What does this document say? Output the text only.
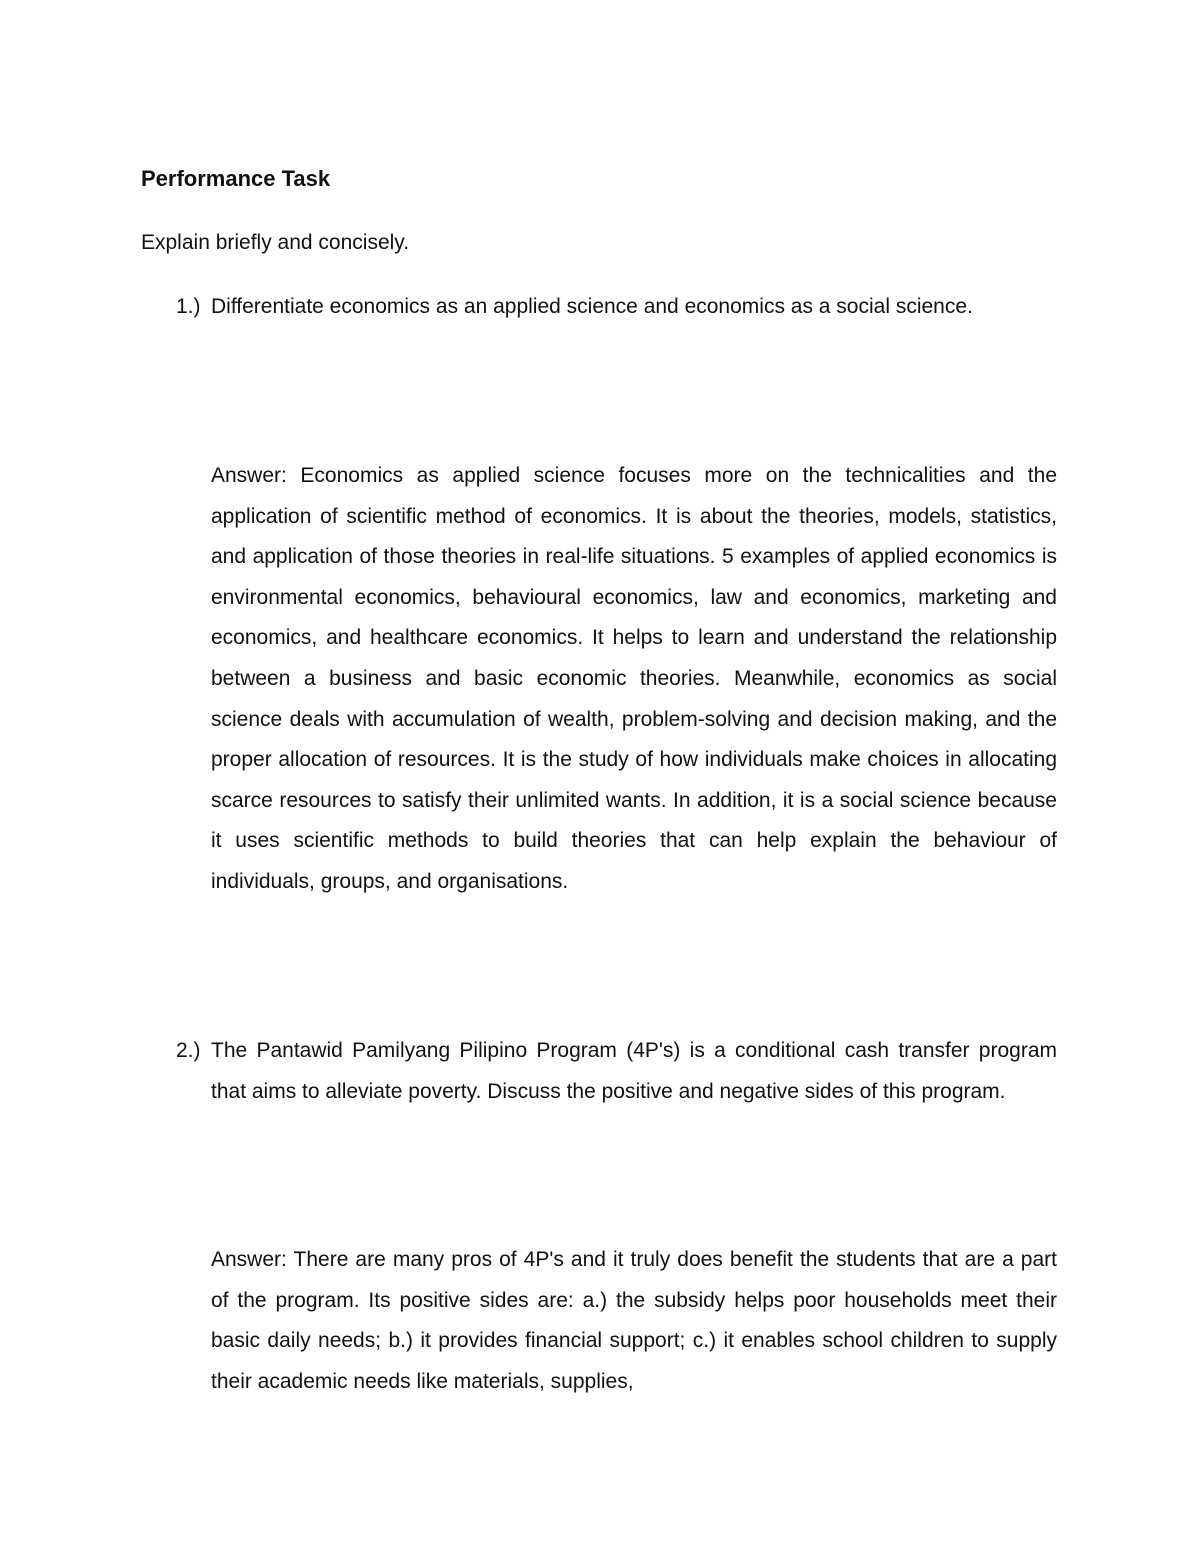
Performance Task

Explain briefly and concisely.

1.) Differentiate economics as an applied science and economics as a social science.

Answer: Economics as applied science focuses more on the technicalities and the application of scientific method of economics. It is about the theories, models, statistics, and application of those theories in real-life situations. 5 examples of applied economics is environmental economics, behavioural economics, law and economics, marketing and economics, and healthcare economics. It helps to learn and understand the relationship between a business and basic economic theories. Meanwhile, economics as social science deals with accumulation of wealth, problem-solving and decision making, and the proper allocation of resources. It is the study of how individuals make choices in allocating scarce resources to satisfy their unlimited wants. In addition, it is a social science because it uses scientific methods to build theories that can help explain the behaviour of individuals, groups, and organisations.

2.) The Pantawid Pamilyang Pilipino Program (4P's) is a conditional cash transfer program that aims to alleviate poverty. Discuss the positive and negative sides of this program.

Answer: There are many pros of 4P's and it truly does benefit the students that are a part of the program. Its positive sides are: a.) the subsidy helps poor households meet their basic daily needs; b.) it provides financial support; c.) it enables school children to supply their academic needs like materials, supplies,
